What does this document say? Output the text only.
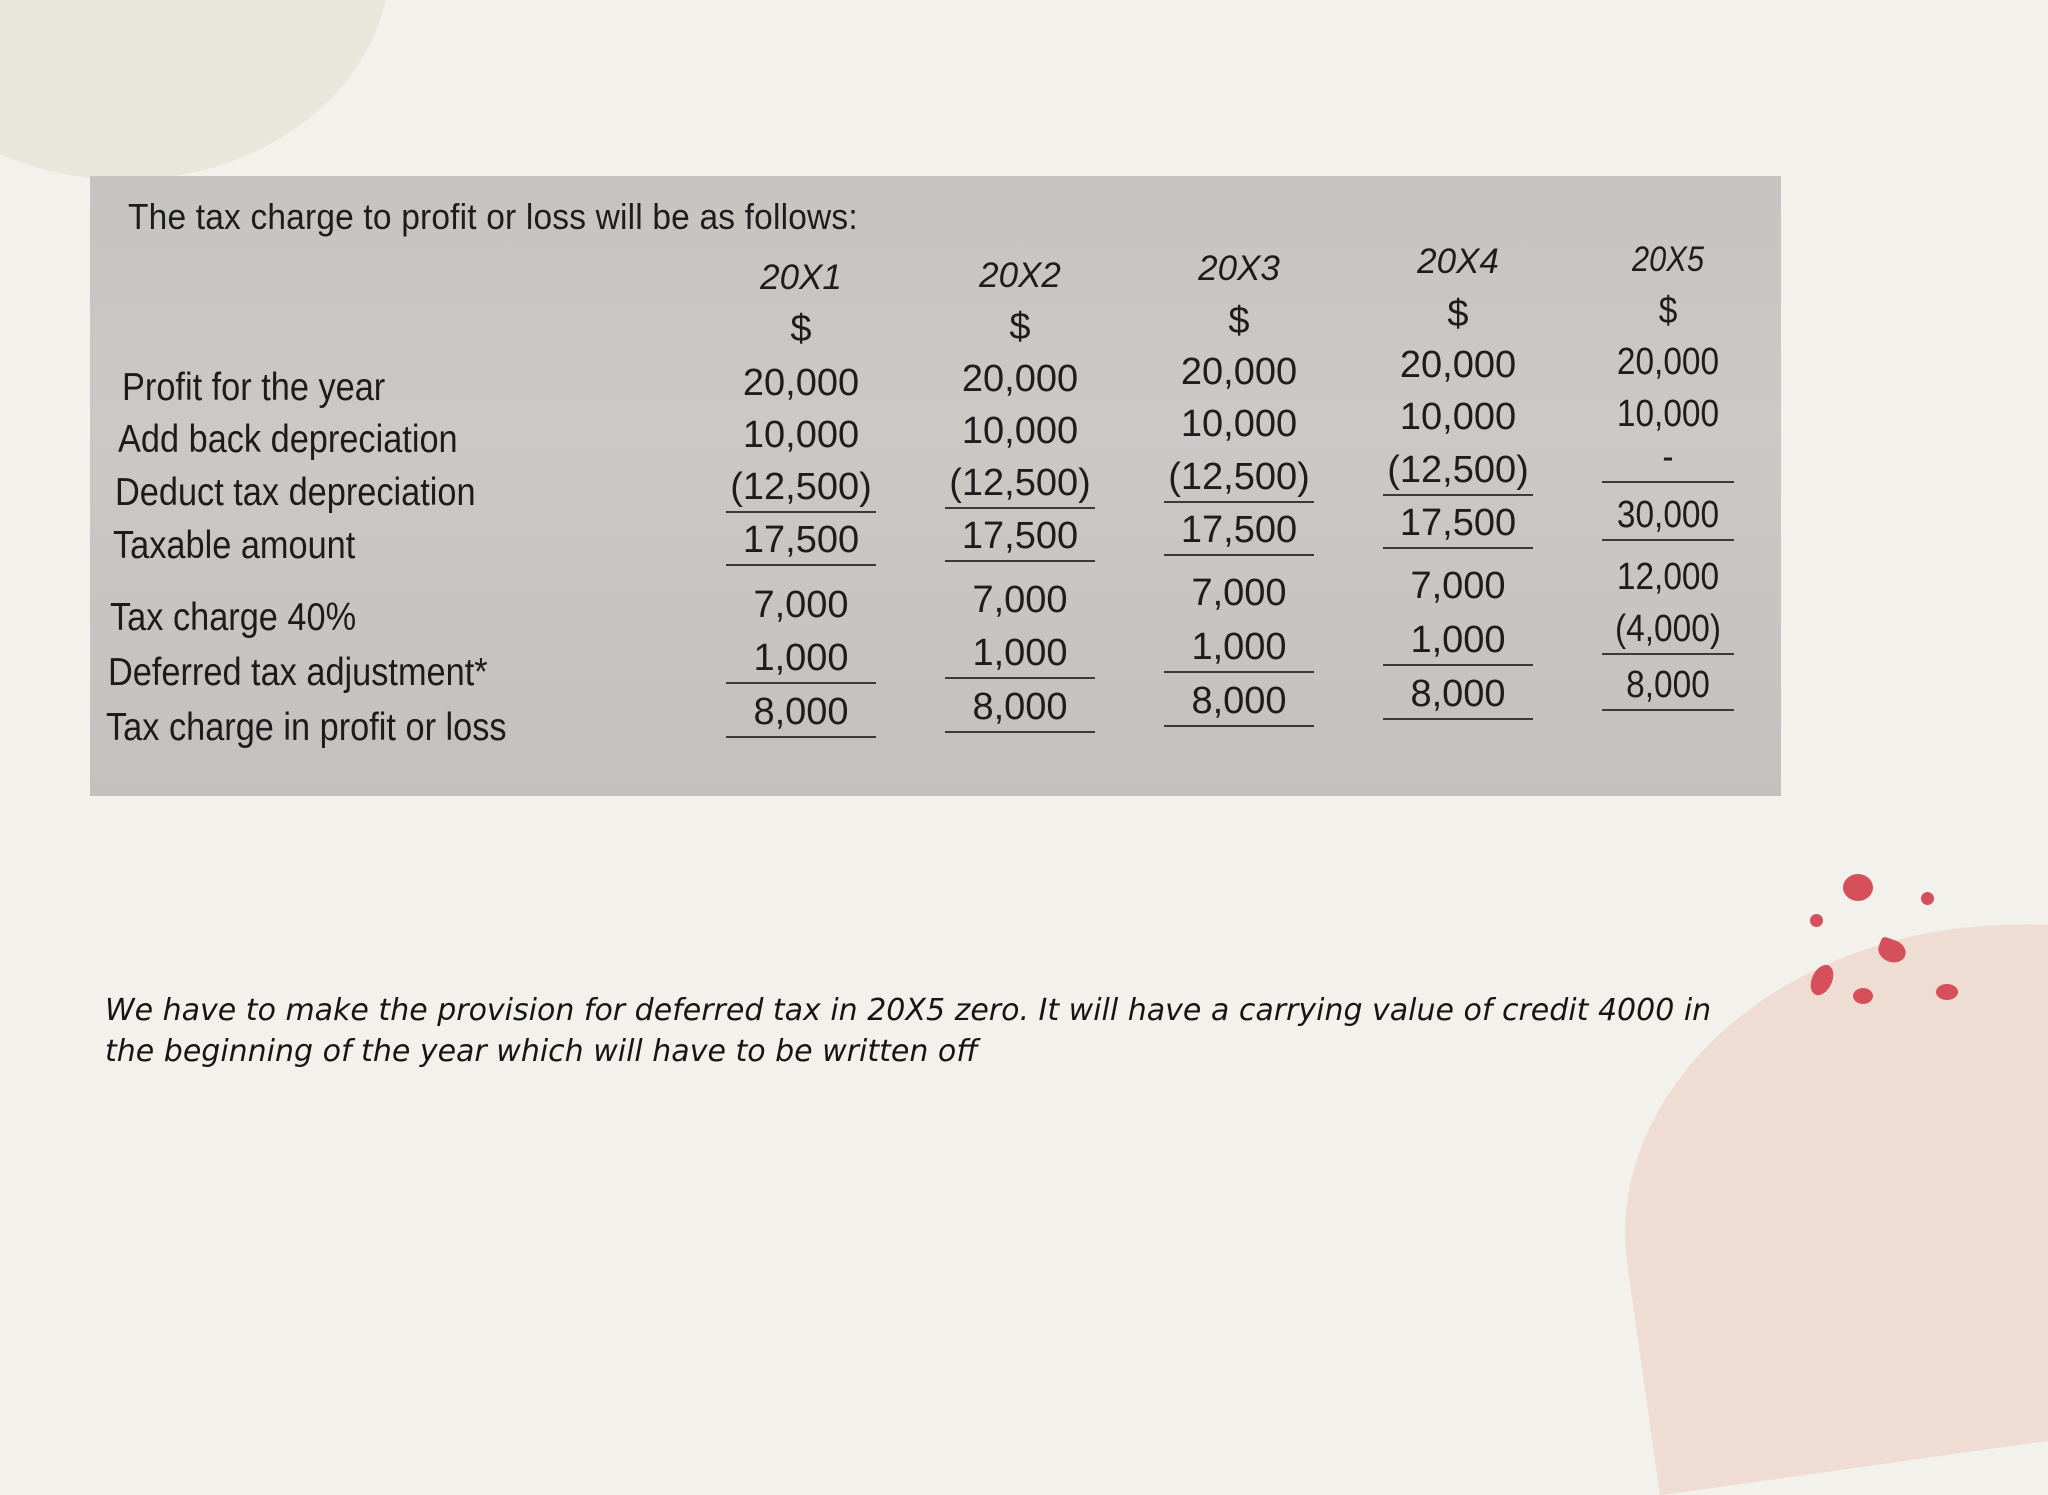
The tax charge to profit or loss will be as follows:
Profit for the year
Add back depreciation
Deduct tax depreciation
Taxable amount
Tax charge 40%
Deferred tax adjustment*
Tax charge in profit or loss
20X1
$
20,000
10,000
(12,500)
17,500
7,000
1,000
8,000
20X2
$
20,000
10,000
(12,500)
17,500
7,000
1,000
8,000
20X3
$
20,000
10,000
(12,500)
17,500
7,000
1,000
8,000
20X4
$
20,000
10,000
(12,500)
17,500
7,000
1,000
8,000
20X5
$
20,000
10,000
-
30,000
12,000
(4,000)
8,000
We have to make the provision for deferred tax in 20X5 zero. It will have a carrying value of credit 4000 in the beginning of the year which will have to be written off
